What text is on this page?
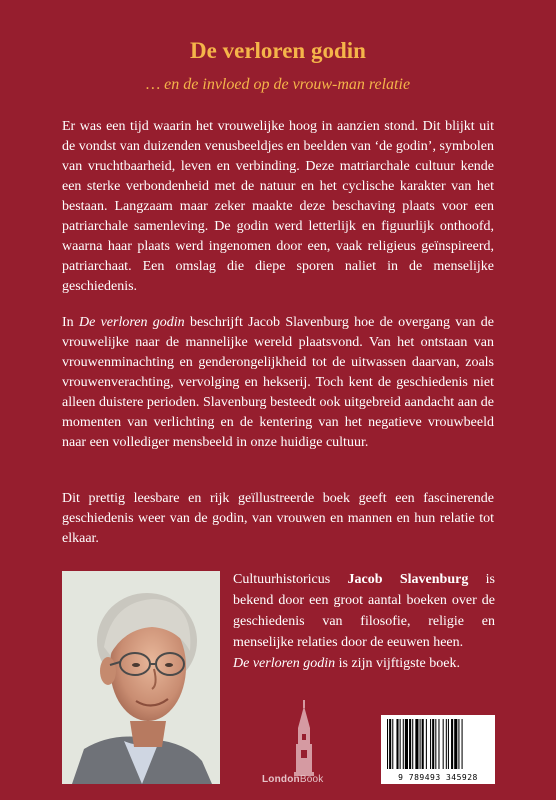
De verloren godin

… en de invloed op de vrouw-man relatie

Er was een tijd waarin het vrouwelijke hoog in aanzien stond. Dit blijkt uit de vondst van duizenden venusbeeldjes en beelden van ‘de godin’, symbolen van vruchtbaarheid, leven en verbinding. Deze matriarchale cultuur kende een sterke verbondenheid met de natuur en het cyclische karakter van het bestaan. Langzaam maar zeker maakte deze beschaving plaats voor een patriarchale samenleving. De godin werd letterlijk en figuurlijk onthoofd, waarna haar plaats werd ingenomen door een, vaak religieus geïnspireerd, patriarchaat. Een omslag die diepe sporen naliet in de menselijke geschiedenis.

In De verloren godin beschrijft Jacob Slavenburg hoe de overgang van de vrouwelijke naar de mannelijke wereld plaatsvond. Van het ontstaan van vrouwenminachting en genderongelijkheid tot de uitwassen daarvan, zoals vrouwenverachting, vervolging en hekserij. Toch kent de geschiedenis niet alleen duistere perioden. Slavenburg besteedt ook uitgebreid aandacht aan de momenten van verlichting en de kentering van het negatieve vrouwbeeld naar een vollediger mensbeeld in onze huidige cultuur.

Dit prettig leesbare en rijk geïllustreerde boek geeft een fascinerende geschiedenis weer van de godin, van vrouwen en mannen en hun relatie tot elkaar.

Cultuurhistoricus Jacob Slavenburg is bekend door een groot aantal boeken over de geschiedenis van filosofie, religie en menselijke relaties door de eeuwen heen.
De verloren godin is zijn vijftigste boek.

LondonBook	9 789493 345928
